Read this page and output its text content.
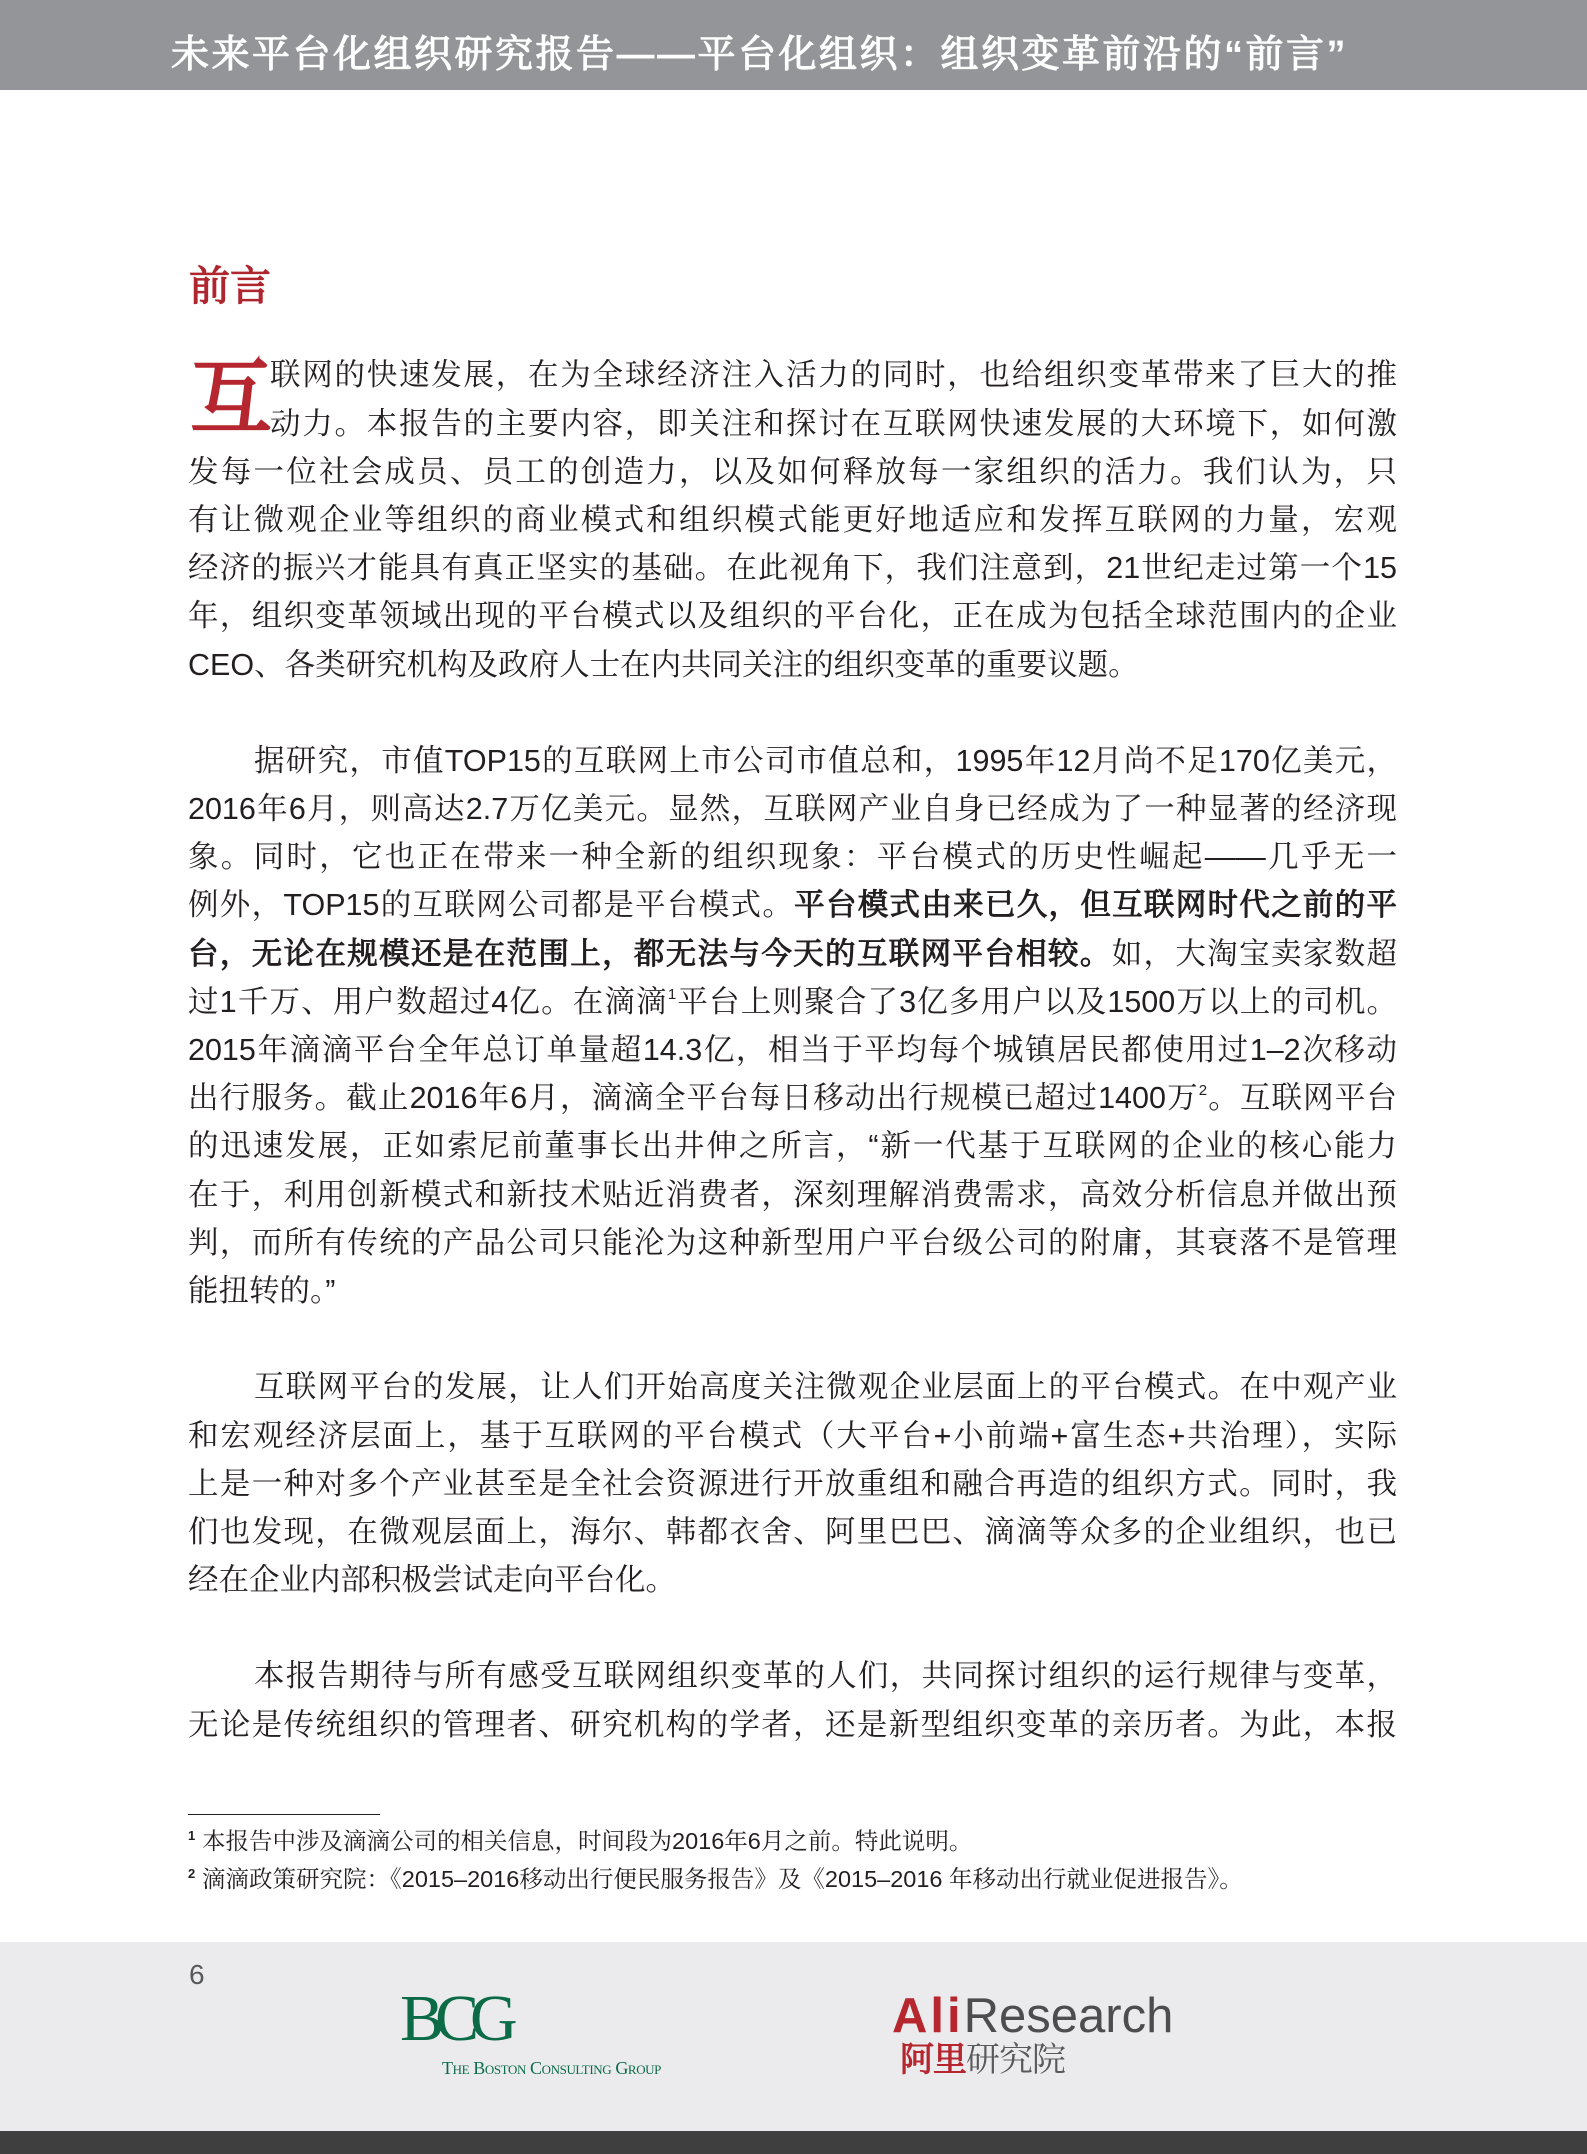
未来平台化组织研究报告——平台化组织：组织变革前沿的“前言”
前言
互
联网的快速发展，在为全球经济注入活力的同时，也给组织变革带来了巨大的推
动力。本报告的主要内容，即关注和探讨在互联网快速发展的大环境下，如何激
发每一位社会成员、员工的创造力，以及如何释放每一家组织的活力。我们认为，只
有让微观企业等组织的商业模式和组织模式能更好地适应和发挥互联网的力量，宏观
经济的振兴才能具有真正坚实的基础。在此视角下，我们注意到，21世纪走过第一个15
年，组织变革领域出现的平台模式以及组织的平台化，正在成为包括全球范围内的企业
CEO、各类研究机构及政府人士在内共同关注的组织变革的重要议题。
据研究，市值TOP15的互联网上市公司市值总和，1995年12月尚不足170亿美元，
2016年6月，则高达2.7万亿美元。显然，互联网产业自身已经成为了一种显著的经济现
象。同时，它也正在带来一种全新的组织现象：平台模式的历史性崛起——几乎无一
例外，TOP15的互联网公司都是平台模式。平台模式由来已久，但互联网时代之前的平
台，无论在规模还是在范围上，都无法与今天的互联网平台相较。如，大淘宝卖家数超
过1千万、用户数超过4亿。在滴滴$^1$平台上则聚合了3亿多用户以及1500万以上的司机。
2015年滴滴平台全年总订单量超14.3亿，相当于平均每个城镇居民都使用过1–2次移动
出行服务。截止2016年6月，滴滴全平台每日移动出行规模已超过1400万$^2$。互联网平台
的迅速发展，正如索尼前董事长出井伸之所言，“新一代基于互联网的企业的核心能力
在于，利用创新模式和新技术贴近消费者，深刻理解消费需求，高效分析信息并做出预
判，而所有传统的产品公司只能沦为这种新型用户平台级公司的附庸，其衰落不是管理
能扭转的。”
互联网平台的发展，让人们开始高度关注微观企业层面上的平台模式。在中观产业
和宏观经济层面上，基于互联网的平台模式（大平台+小前端+富生态+共治理），实际
上是一种对多个产业甚至是全社会资源进行开放重组和融合再造的组织方式。同时，我
们也发现，在微观层面上，海尔、韩都衣舍、阿里巴巴、滴滴等众多的企业组织，也已
经在企业内部积极尝试走向平台化。
本报告期待与所有感受互联网组织变革的人们，共同探讨组织的运行规律与变革，
无论是传统组织的管理者、研究机构的学者，还是新型组织变革的亲历者。为此，本报
1 本报告中涉及滴滴公司的相关信息，时间段为2016年6月之前。特此说明。
2 滴滴政策研究院：《2015–2016移动出行便民服务报告》及《2015–2016 年移动出行就业促进报告》。
6
BCG
The Boston Consulting Group
AliResearch
阿里研究院
